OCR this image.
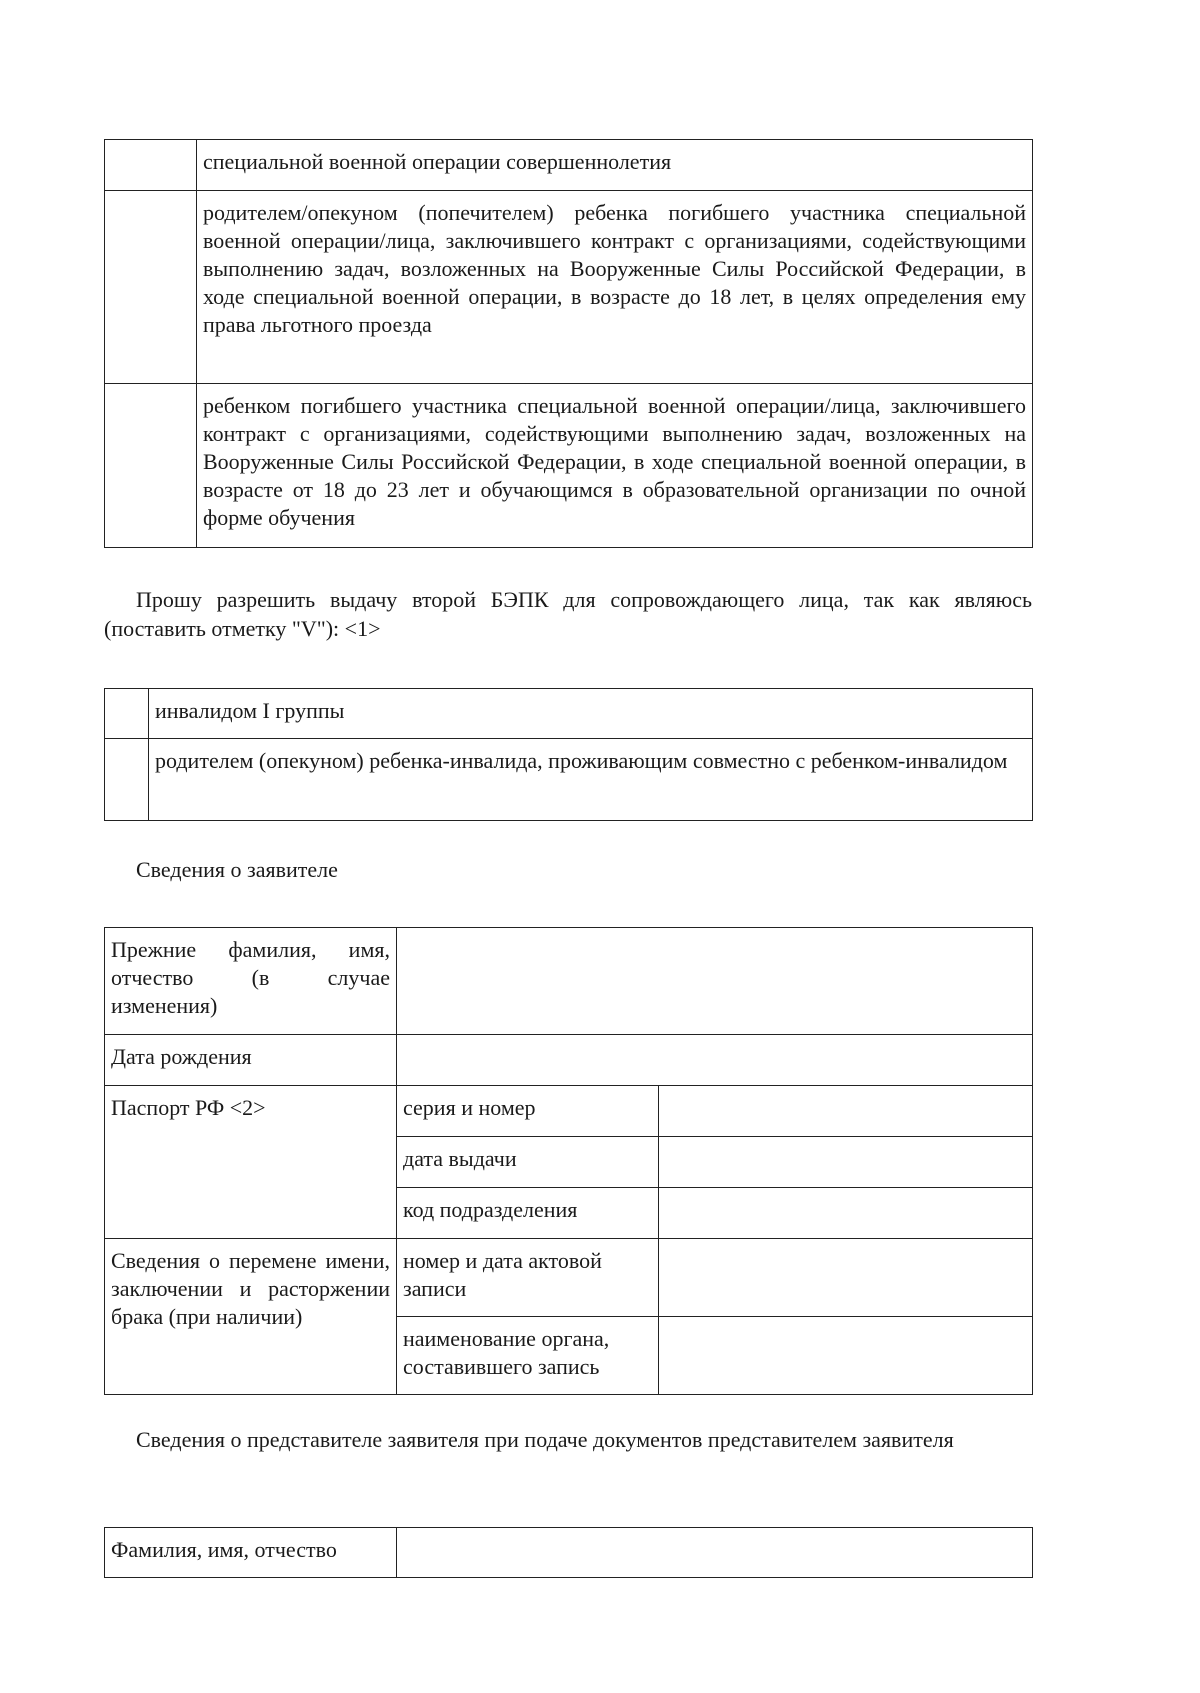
	специальной военной операции совершеннолетия

	родителем/опекуном (попечителем) ребенка погибшего участника специальной военной операции/лица, заключившего контракт с организациями, содействующими выполнению задач, возложенных на Вооруженные Силы Российской Федерации, в ходе специальной военной операции, в возрасте до 18 лет, в целях определения ему права льготного проезда

	ребенком погибшего участника специальной военной операции/лица, заключившего контракт с организациями, содействующими выполнению задач, возложенных на Вооруженные Силы Российской Федерации, в ходе специальной военной операции, в возрасте от 18 до 23 лет и обучающимся в образовательной организации по очной форме обучения

Прошу разрешить выдачу второй БЭПК для сопровождающего лица, так как являюсь (поставить отметку "V"): <1>

	инвалидом I группы

	родителем (опекуном) ребенка-инвалида, проживающим совместно с ребенком-инвалидом

Сведения о заявителе

Прежние фамилия, имя, отчество (в случае изменения)		

Дата рождения		

Паспорт РФ <2>	серия и номер	

	дата выдачи	

	код подразделения	

Сведения о перемене имени, заключении и расторжении брака (при наличии)	номер и дата актовой записи	

	наименование органа, составившего запись	

Сведения о представителе заявителя при подаче документов представителем заявителя

Фамилия, имя, отчество
